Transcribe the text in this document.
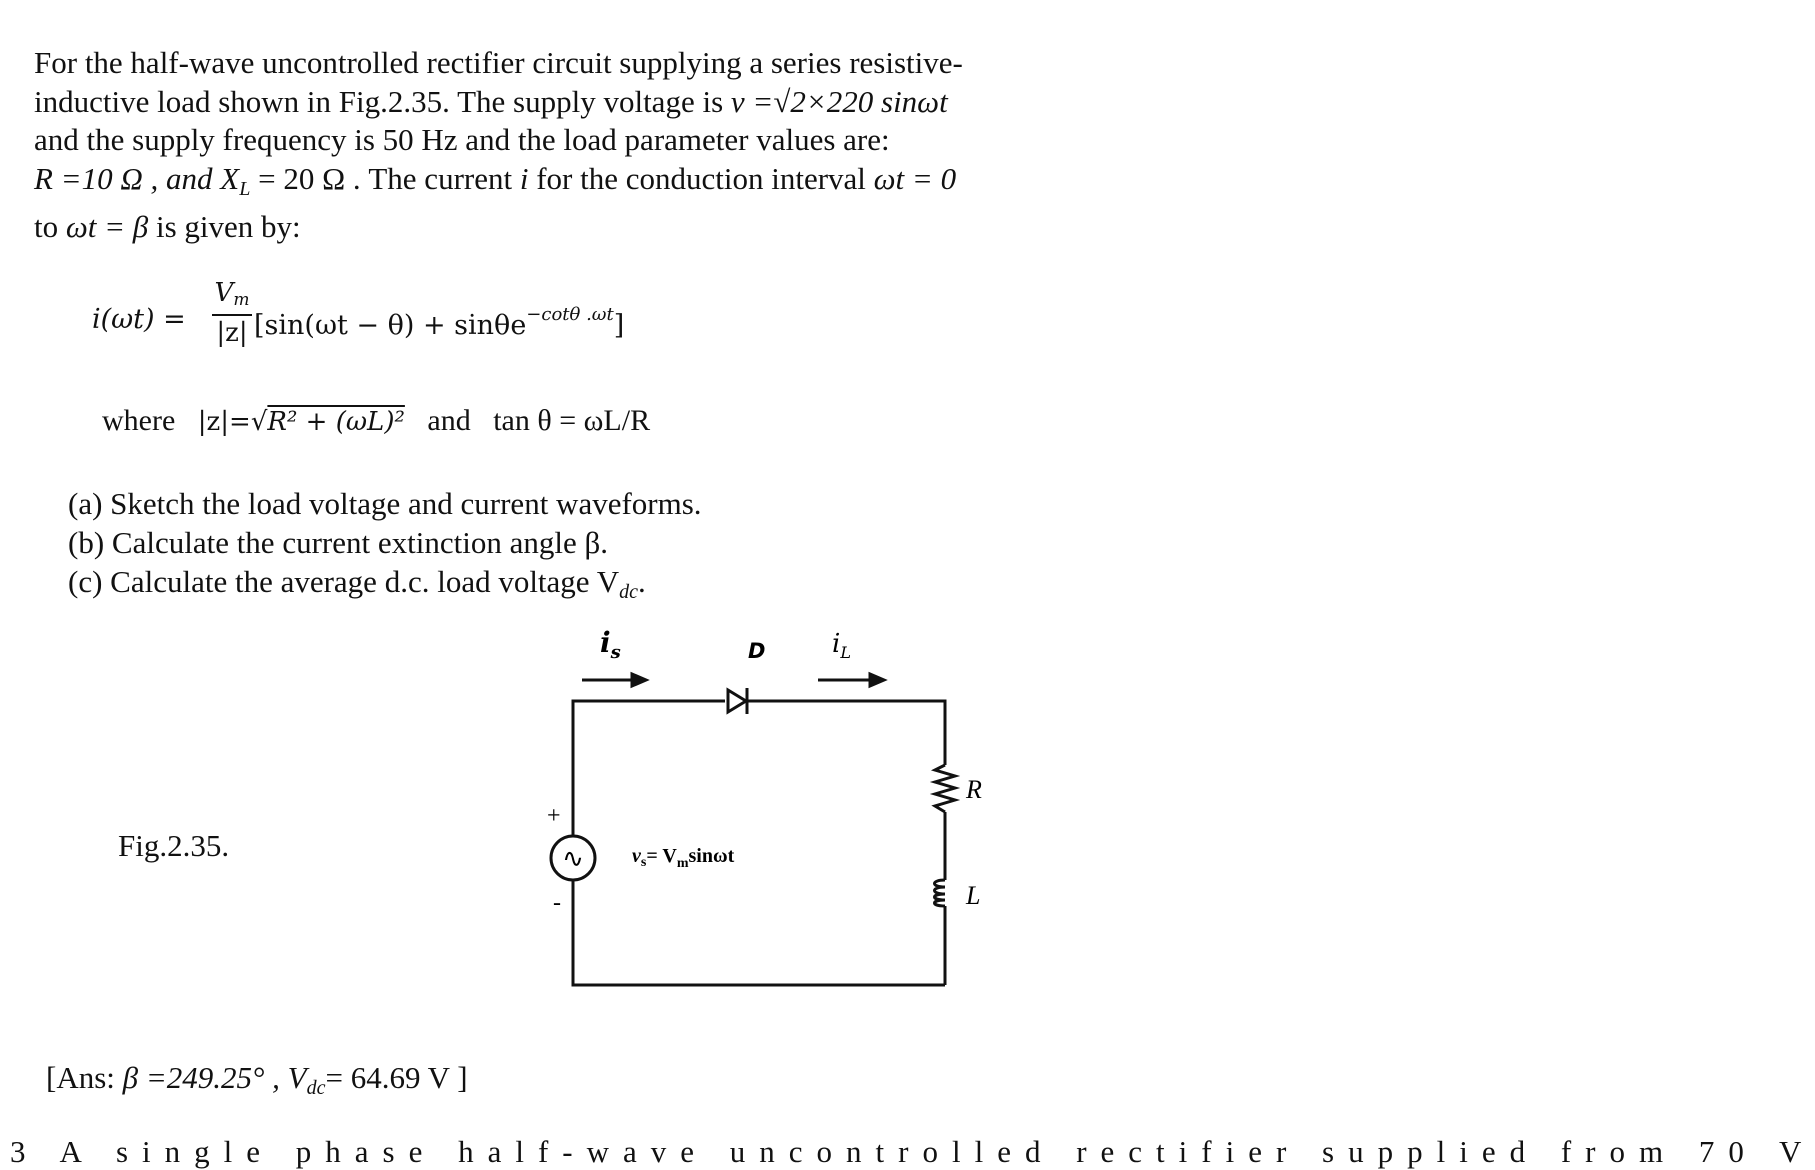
For the half-wave uncontrolled rectifier circuit supplying a series resistive-
inductive load shown in Fig.2.35. The supply voltage is v =√2×220 sinωt
and the supply frequency is 50 Hz and the load parameter values are:
R =10 Ω , and $X_L = 20$ Ω . The current i for the conduction interval ωt = 0
to ωt = β is given by:
i(ωt) =
Vm
|z| [sin(ωt − θ) + sinθe$^{-cot\theta .\omega t}$]
where |z|=√R² + (ωL)² and tan θ = ωL/R
(a) Sketch the load voltage and current waveforms.
(b) Calculate the current extinction angle β.
(c) Calculate the average d.c. load voltage $V_{dc}$.
Fig.2.35.	∿
+
-
$i_s$	D	$i_L$
R
L
$v_s= V_m\sin\omega t$
[Ans: β =249.25° , $V_{dc}= 64.69$ V ]
3 A single phase half-wave uncontrolled rectifier supplied from 70 V
